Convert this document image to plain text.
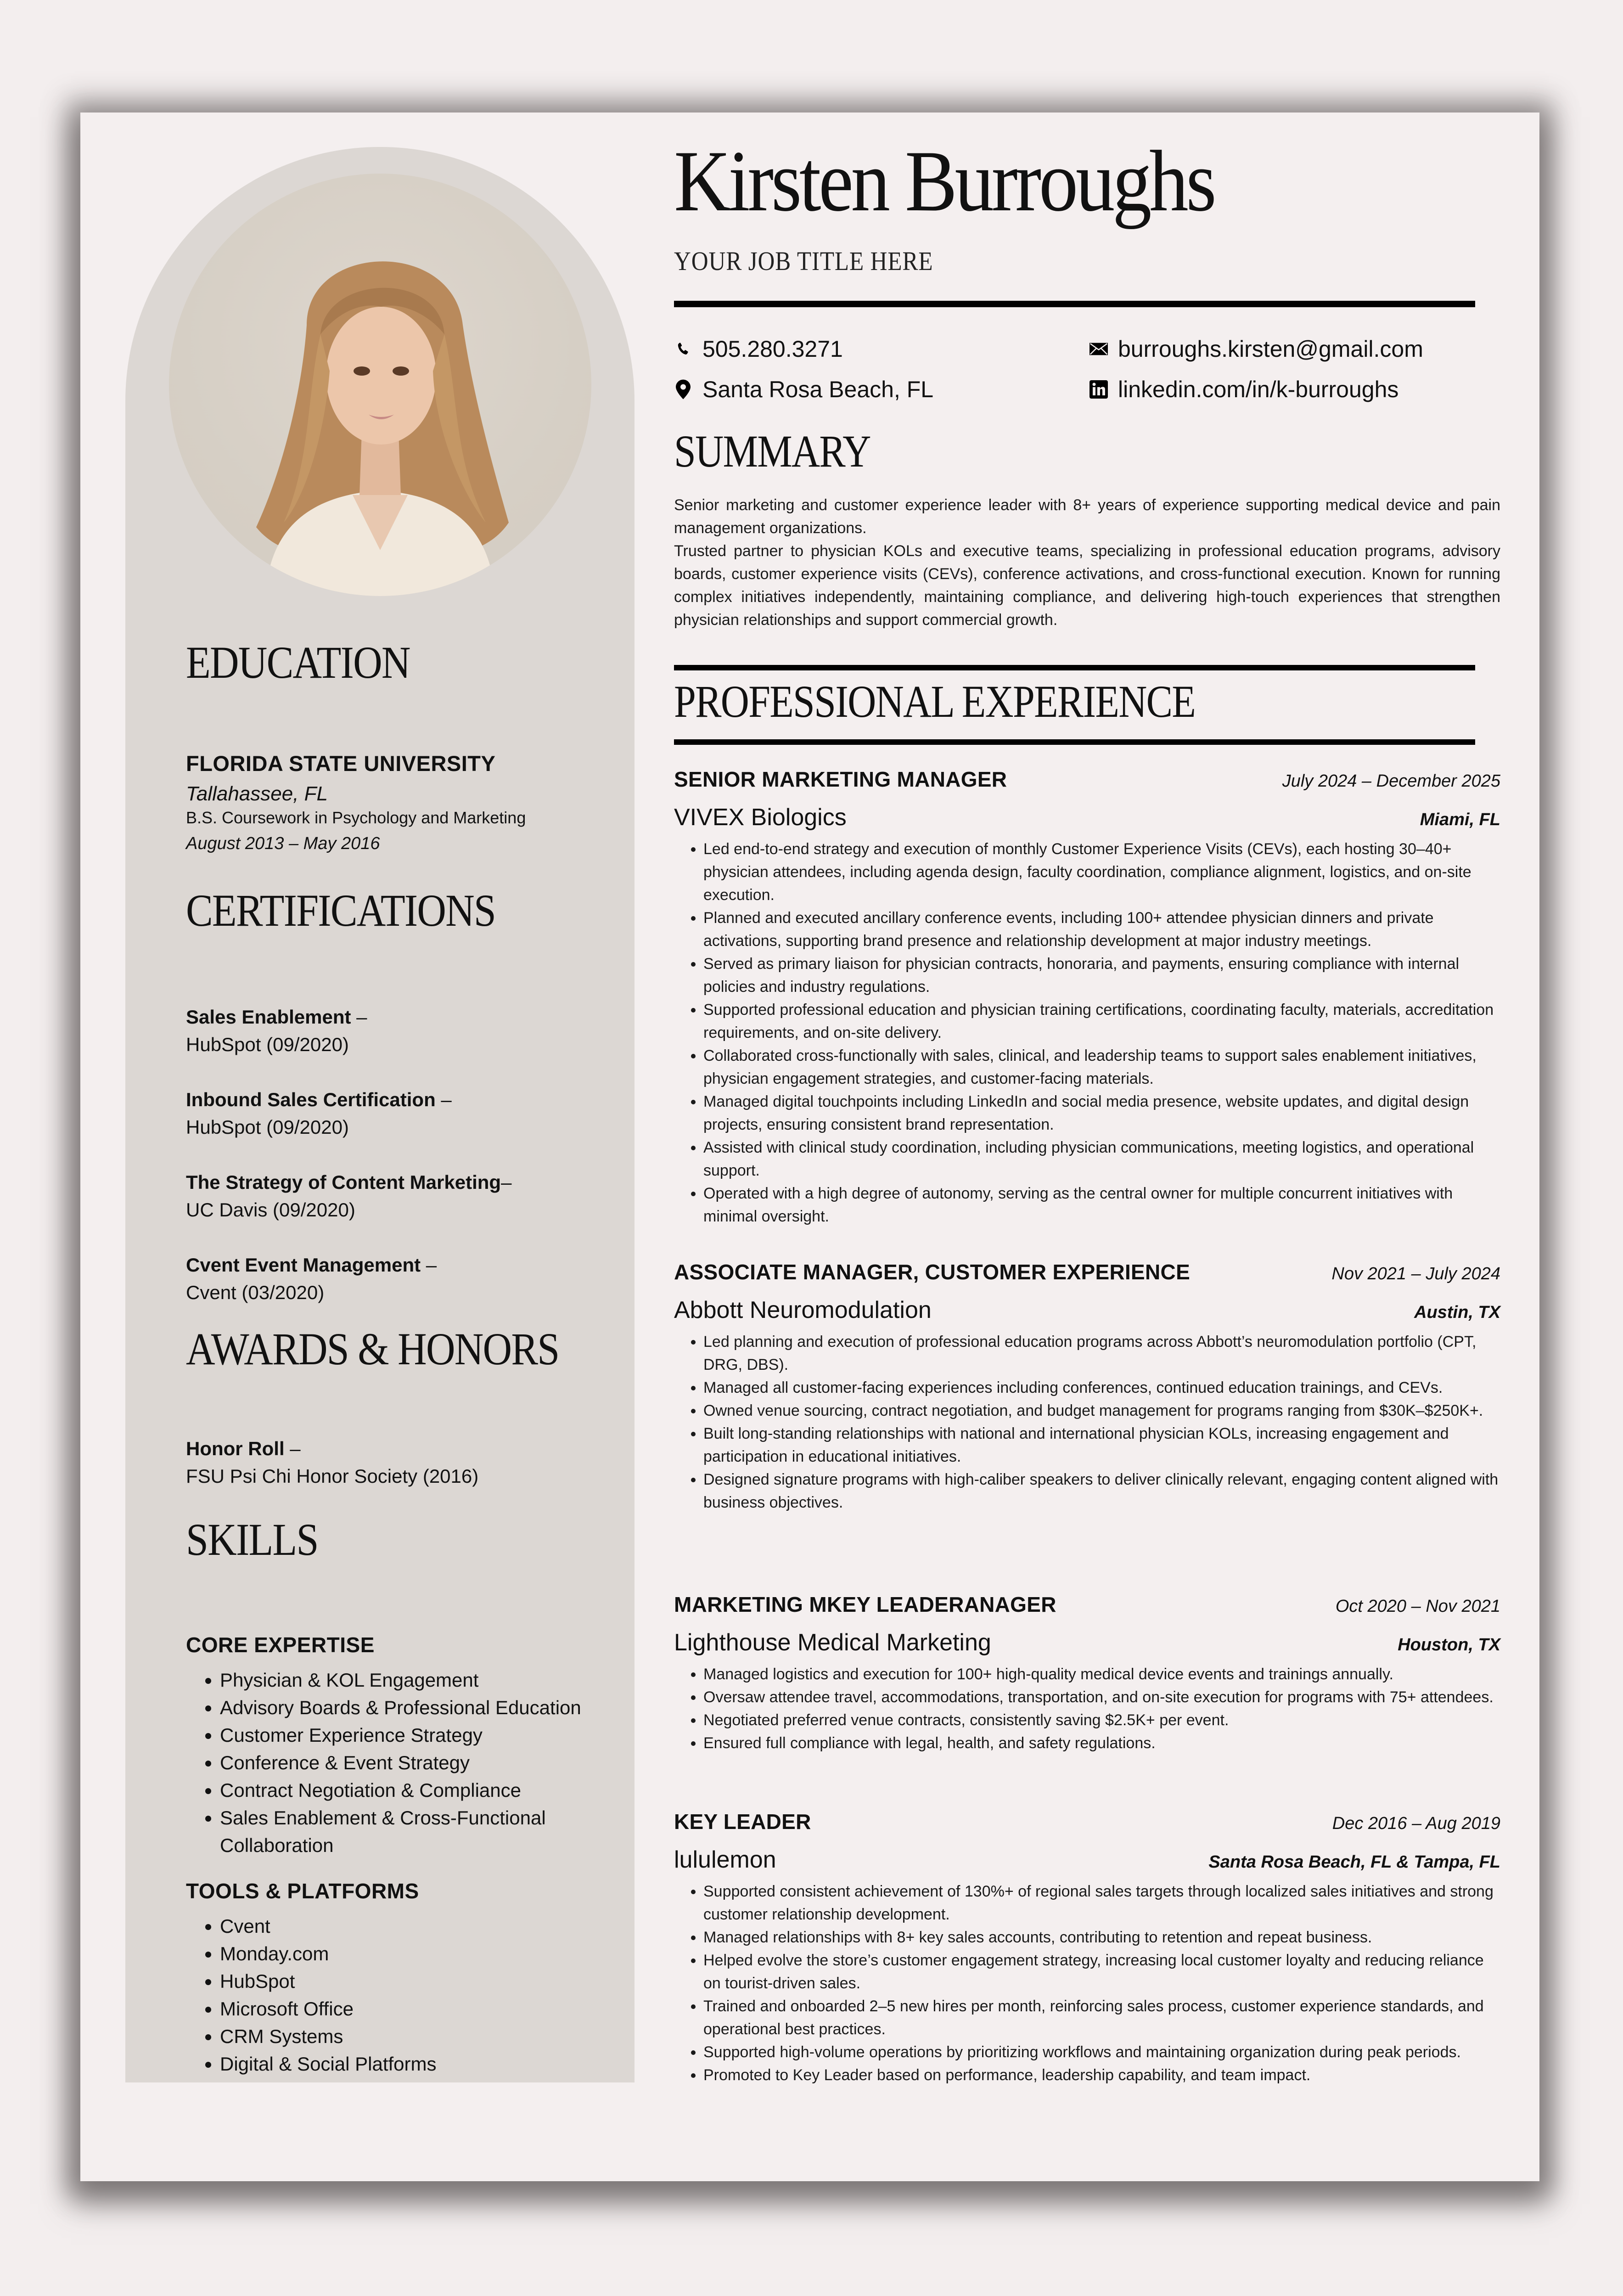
EDUCATION
FLORIDA STATE UNIVERSITY
Tallahassee, FL
B.S. Coursework in Psychology and Marketing
August 2013 – May 2016
CERTIFICATIONS
Sales Enablement –
HubSpot (09/2020)
Inbound Sales Certification –
HubSpot (09/2020)
The Strategy of Content Marketing–
UC Davis (09/2020)
Cvent Event Management –
Cvent (03/2020)
AWARDS & HONORS
Honor Roll –
FSU Psi Chi Honor Society (2016)
SKILLS
CORE EXPERTISE
• Physician & KOL Engagement
• Advisory Boards & Professional Education
• Customer Experience Strategy
• Conference & Event Strategy
• Contract Negotiation & Compliance
• Sales Enablement & Cross-Functional Collaboration
TOOLS & PLATFORMS
• Cvent
• Monday.com
• HubSpot
• Microsoft Office
• CRM Systems
• Digital & Social Platforms
Kirsten Burroughs
YOUR JOB TITLE HERE
505.280.3271
Santa Rosa Beach, FL
burroughs.kirsten@gmail.com
linkedin.com/in/k-burroughs
SUMMARY

Senior marketing and customer experience leader with 8+ years of experience supporting medical device and pain management organizations.

Trusted partner to physician KOLs and executive teams, specializing in professional education programs, advisory boards, customer experience visits (CEVs), conference activations, and cross-functional execution. Known for running complex initiatives independently, maintaining compliance, and delivering high-touch experiences that strengthen physician relationships and support commercial growth.

PROFESSIONAL EXPERIENCE
SENIOR MARKETING MANAGER	July 2024 – December 2025
VIVEX Biologics	Miami, FL
• Led end-to-end strategy and execution of monthly Customer Experience Visits (CEVs), each hosting 30–40+ physician attendees, including agenda design, faculty coordination, compliance alignment, logistics, and on-site execution.
• Planned and executed ancillary conference events, including 100+ attendee physician dinners and private activations, supporting brand presence and relationship development at major industry meetings.
• Served as primary liaison for physician contracts, honoraria, and payments, ensuring compliance with internal policies and industry regulations.
• Supported professional education and physician training certifications, coordinating faculty, materials, accreditation requirements, and on-site delivery.
• Collaborated cross-functionally with sales, clinical, and leadership teams to support sales enablement initiatives, physician engagement strategies, and customer-facing materials.
• Managed digital touchpoints including LinkedIn and social media presence, website updates, and digital design projects, ensuring consistent brand representation.
• Assisted with clinical study coordination, including physician communications, meeting logistics, and operational support.
• Operated with a high degree of autonomy, serving as the central owner for multiple concurrent initiatives with minimal oversight.
ASSOCIATE MANAGER, CUSTOMER EXPERIENCE	Nov 2021 – July 2024
Abbott Neuromodulation	Austin, TX
• Led planning and execution of professional education programs across Abbott’s neuromodulation portfolio (CPT, DRG, DBS).
• Managed all customer-facing experiences including conferences, continued education trainings, and CEVs.
• Owned venue sourcing, contract negotiation, and budget management for programs ranging from $30K–$250K+.
• Built long-standing relationships with national and international physician KOLs, increasing engagement and participation in educational initiatives.
• Designed signature programs with high-caliber speakers to deliver clinically relevant, engaging content aligned with business objectives.
MARKETING MKEY LEADERANAGER	Oct 2020 – Nov 2021
Lighthouse Medical Marketing	Houston, TX
• Managed logistics and execution for 100+ high-quality medical device events and trainings annually.
• Oversaw attendee travel, accommodations, transportation, and on-site execution for programs with 75+ attendees.
• Negotiated preferred venue contracts, consistently saving $2.5K+ per event.
• Ensured full compliance with legal, health, and safety regulations.
KEY LEADER	Dec 2016 – Aug 2019
lululemon	Santa Rosa Beach, FL & Tampa, FL
• Supported consistent achievement of 130%+ of regional sales targets through localized sales initiatives and strong customer relationship development.
• Managed relationships with 8+ key sales accounts, contributing to retention and repeat business.
• Helped evolve the store’s customer engagement strategy, increasing local customer loyalty and reducing reliance on tourist-driven sales.
• Trained and onboarded 2–5 new hires per month, reinforcing sales process, customer experience standards, and operational best practices.
• Supported high-volume operations by prioritizing workflows and maintaining organization during peak periods.
• Promoted to Key Leader based on performance, leadership capability, and team impact.
